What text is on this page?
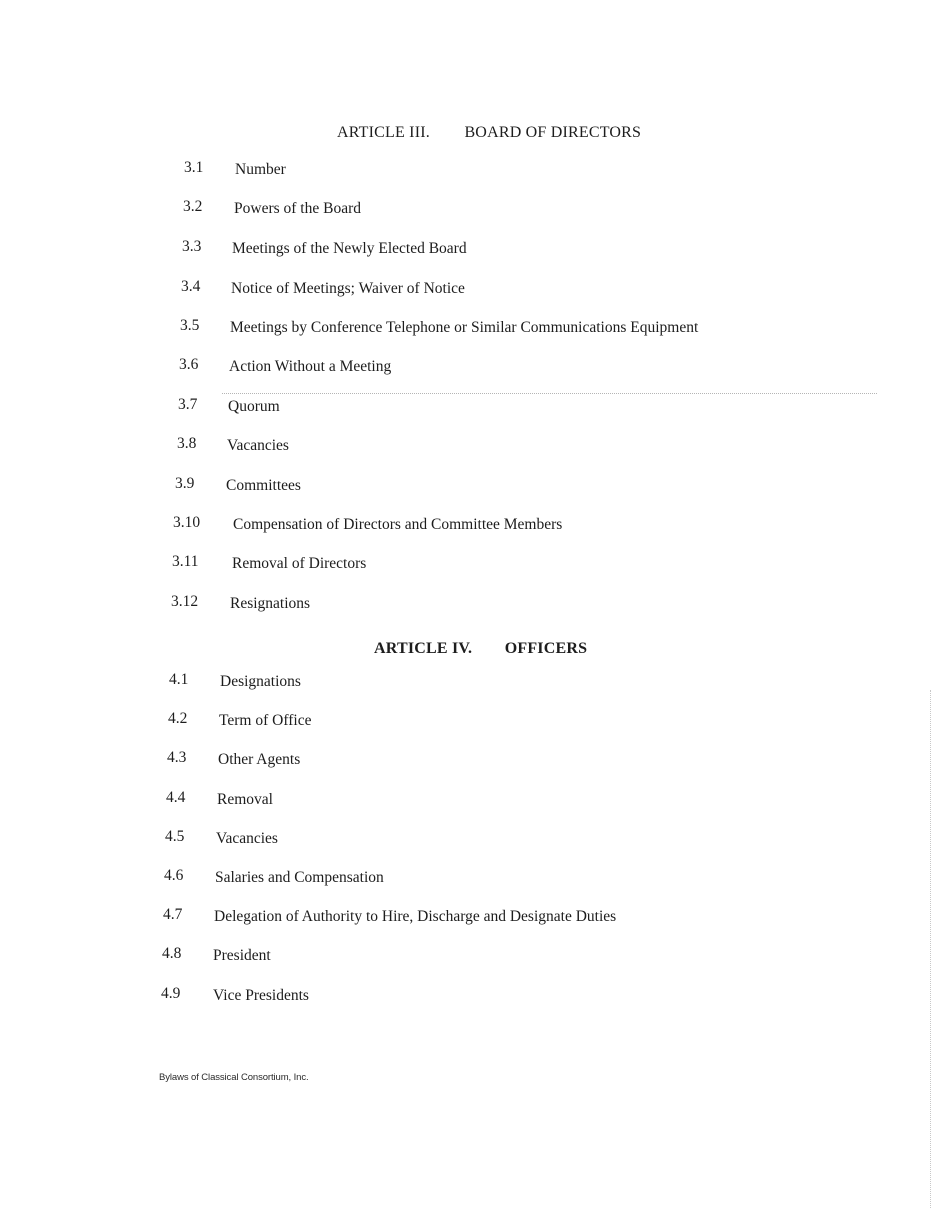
ARTICLE III. BOARD OF DIRECTORS
3.1 Number
3.2 Powers of the Board
3.3 Meetings of the Newly Elected Board
3.4 Notice of Meetings; Waiver of Notice
3.5 Meetings by Conference Telephone or Similar Communications Equipment
3.6 Action Without a Meeting
3.7 Quorum
3.8 Vacancies
3.9 Committees
3.10 Compensation of Directors and Committee Members
3.11 Removal of Directors
3.12 Resignations
ARTICLE IV. OFFICERS
4.1 Designations
4.2 Term of Office
4.3 Other Agents
4.4 Removal
4.5 Vacancies
4.6 Salaries and Compensation
4.7 Delegation of Authority to Hire, Discharge and Designate Duties
4.8 President
4.9 Vice Presidents
Bylaws of Classical Consortium, Inc.
